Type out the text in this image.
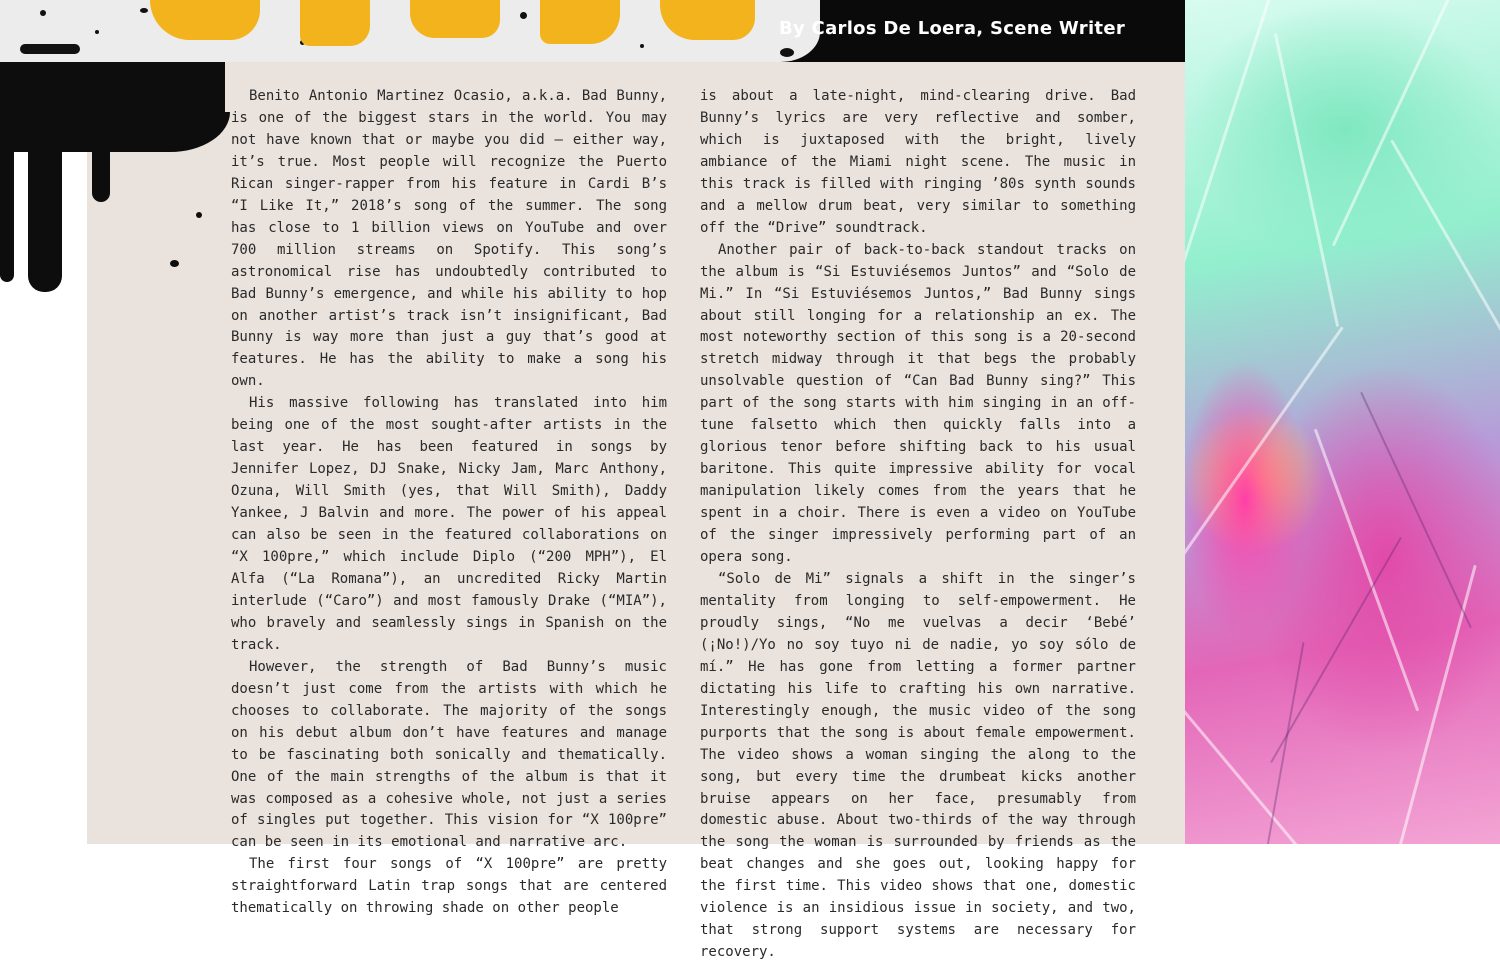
By Carlos De Loera, Scene Writer

Benito Antonio Martinez Ocasio, a.k.a. Bad Bunny, is one of the biggest stars in the world. You may not have known that or maybe you did — either way, it’s true. Most people will recognize the Puerto Rican singer-rapper from his feature in Cardi B’s “I Like It,” 2018’s song of the summer. The song has close to 1 billion views on YouTube and over 700 million streams on Spotify. This song’s astronomical rise has undoubtedly contributed to Bad Bunny’s emergence, and while his ability to hop on another artist’s track isn’t insignificant, Bad Bunny is way more than just a guy that’s good at features. He has the ability to make a song his own.

His massive following has translated into him being one of the most sought-after artists in the last year. He has been featured in songs by Jennifer Lopez, DJ Snake, Nicky Jam, Marc Anthony, Ozuna, Will Smith (yes, that Will Smith), Daddy Yankee, J Balvin and more. The power of his appeal can also be seen in the featured collaborations on “X 100pre,” which include Diplo (“200 MPH”), El Alfa (“La Romana”), an uncredited Ricky Martin interlude (“Caro”) and most famously Drake (“MIA”), who bravely and seamlessly sings in Spanish on the track.

However, the strength of Bad Bunny’s music doesn’t just come from the artists with which he chooses to collaborate. The majority of the songs on his debut album don’t have features and manage to be fascinating both sonically and thematically. One of the main strengths of the album is that it was composed as a cohesive whole, not just a series of singles put together. This vision for “X 100pre” can be seen in its emotional and narrative arc.

The first four songs of “X 100pre” are pretty straightforward Latin trap songs that are centered thematically on throwing shade on other people

is about a late-night, mind-clearing drive. Bad Bunny’s lyrics are very reflective and somber, which is juxtaposed with the bright, lively ambiance of the Miami night scene. The music in this track is filled with ringing ’80s synth sounds and a mellow drum beat, very similar to something off the “Drive” soundtrack.

Another pair of back-to-back standout tracks on the album is “Si Estuviésemos Juntos” and “Solo de Mi.” In “Si Estuviésemos Juntos,” Bad Bunny sings about still longing for a relationship an ex. The most noteworthy section of this song is a 20-second stretch midway through it that begs the probably unsolvable question of “Can Bad Bunny sing?” This part of the song starts with him singing in an off-tune falsetto which then quickly falls into a glorious tenor before shifting back to his usual baritone. This quite impressive ability for vocal manipulation likely comes from the years that he spent in a choir. There is even a video on YouTube of the singer impressively performing part of an opera song.

“Solo de Mi” signals a shift in the singer’s mentality from longing to self-empowerment. He proudly sings, “No me vuelvas a decir ‘Bebé’ (¡No!)/Yo no soy tuyo ni de nadie, yo soy sólo de mí.” He has gone from letting a former partner dictating his life to crafting his own narrative. Interestingly enough, the music video of the song purports that the song is about female empowerment. The video shows a woman singing the along to the song, but every time the drumbeat kicks another bruise appears on her face, presumably from domestic abuse. About two-thirds of the way through the song the woman is surrounded by friends as the beat changes and she goes out, looking happy for the first time. This video shows that one, domestic violence is an insidious issue in society, and two, that strong support systems are necessary for recovery.
